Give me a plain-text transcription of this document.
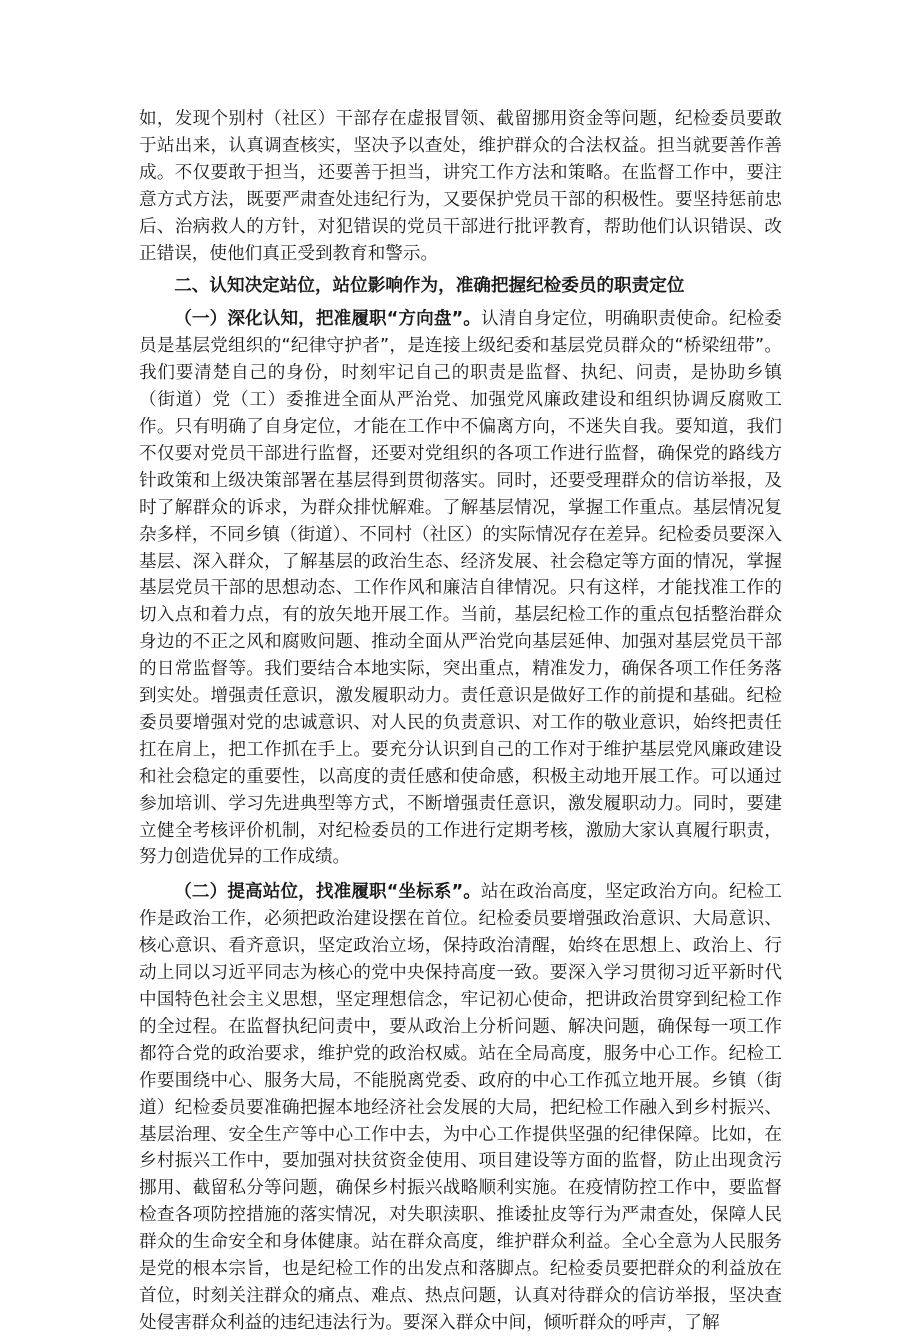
如，发现个别村（社区）干部存在虚报冒领、截留挪用资金等问题，纪检委员要敢于站出来，认真调查核实，坚决予以查处，维护群众的合法权益。担当就要善作善成。不仅要敢于担当，还要善于担当，讲究工作方法和策略。在监督工作中，要注意方式方法，既要严肃查处违纪行为，又要保护党员干部的积极性。要坚持惩前忠后、治病救人的方针，对犯错误的党员干部进行批评教育，帮助他们认识错误、改正错误，使他们真正受到教育和警示。

二、认知决定站位，站位影响作为，准确把握纪检委员的职责定位

（一）深化认知，把准履职“方向盘”。认清自身定位，明确职责使命。纪检委员是基层党组织的“纪律守护者”，是连接上级纪委和基层党员群众的“桥梁纽带”。我们要清楚自己的身份，时刻牢记自己的职责是监督、执纪、问责，是协助乡镇（街道）党（工）委推进全面从严治党、加强党风廉政建设和组织协调反腐败工作。只有明确了自身定位，才能在工作中不偏离方向，不迷失自我。要知道，我们不仅要对党员干部进行监督，还要对党组织的各项工作进行监督，确保党的路线方针政策和上级决策部署在基层得到贯彻落实。同时，还要受理群众的信访举报，及时了解群众的诉求，为群众排忧解难。了解基层情况，掌握工作重点。基层情况复杂多样，不同乡镇（街道）、不同村（社区）的实际情况存在差异。纪检委员要深入基层、深入群众，了解基层的政治生态、经济发展、社会稳定等方面的情况，掌握基层党员干部的思想动态、工作作风和廉洁自律情况。只有这样，才能找准工作的切入点和着力点，有的放矢地开展工作。当前，基层纪检工作的重点包括整治群众身边的不正之风和腐败问题、推动全面从严治党向基层延伸、加强对基层党员干部的日常监督等。我们要结合本地实际，突出重点，精准发力，确保各项工作任务落到实处。增强责任意识，激发履职动力。责任意识是做好工作的前提和基础。纪检委员要增强对党的忠诚意识、对人民的负责意识、对工作的敬业意识，始终把责任扛在肩上，把工作抓在手上。要充分认识到自己的工作对于维护基层党风廉政建设和社会稳定的重要性，以高度的责任感和使命感，积极主动地开展工作。可以通过参加培训、学习先进典型等方式，不断增强责任意识，激发履职动力。同时，要建立健全考核评价机制，对纪检委员的工作进行定期考核，激励大家认真履行职责，努力创造优异的工作成绩。

（二）提高站位，找准履职“坐标系”。站在政治高度，坚定政治方向。纪检工作是政治工作，必须把政治建设摆在首位。纪检委员要增强政治意识、大局意识、核心意识、看齐意识，坚定政治立场，保持政治清醒，始终在思想上、政治上、行动上同以习近平同志为核心的党中央保持高度一致。要深入学习贯彻习近平新时代中国特色社会主义思想，坚定理想信念，牢记初心使命，把讲政治贯穿到纪检工作的全过程。在监督执纪问责中，要从政治上分析问题、解决问题，确保每一项工作都符合党的政治要求，维护党的政治权威。站在全局高度，服务中心工作。纪检工作要围绕中心、服务大局，不能脱离党委、政府的中心工作孤立地开展。乡镇（街道）纪检委员要准确把握本地经济社会发展的大局，把纪检工作融入到乡村振兴、基层治理、安全生产等中心工作中去，为中心工作提供坚强的纪律保障。比如，在乡村振兴工作中，要加强对扶贫资金使用、项目建设等方面的监督，防止出现贪污挪用、截留私分等问题，确保乡村振兴战略顺利实施。在疫情防控工作中，要监督检查各项防控措施的落实情况，对失职渎职、推诿扯皮等行为严肃查处，保障人民群众的生命安全和身体健康。站在群众高度，维护群众利益。全心全意为人民服务是党的根本宗旨，也是纪检工作的出发点和落脚点。纪检委员要把群众的利益放在首位，时刻关注群众的痛点、难点、热点问题，认真对待群众的信访举报，坚决查处侵害群众利益的违纪违法行为。要深入群众中间，倾听群众的呼声，了解
